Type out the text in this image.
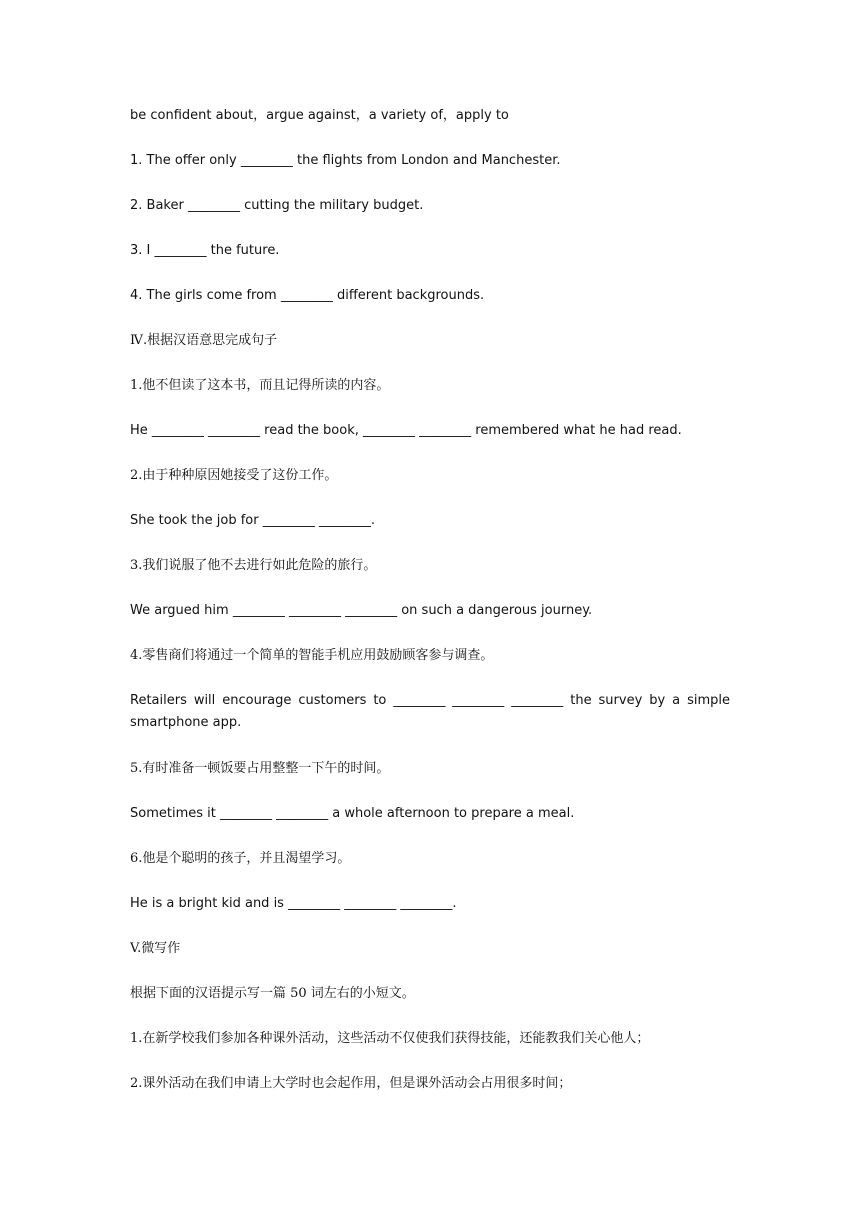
be confident about，argue against，a variety of，apply to
1. The offer only ________ the flights from London and Manchester.
2. Baker ________ cutting the military budget.
3. I ________ the future.
4. The girls come from ________ different backgrounds.
Ⅳ.根据汉语意思完成句子
1.他不但读了这本书，而且记得所读的内容。
He ________ ________ read the book, ________ ________ remembered what he had read.
2.由于种种原因她接受了这份工作。
She took the job for ________ ________.
3.我们说服了他不去进行如此危险的旅行。
We argued him ________ ________ ________ on such a dangerous journey.
4.零售商们将通过一个简单的智能手机应用鼓励顾客参与调查。
Retailers will encourage customers to ________ ________ ________ the survey by a simple smartphone app.
5.有时准备一顿饭要占用整整一下午的时间。
Sometimes it ________ ________ a whole afternoon to prepare a meal.
6.他是个聪明的孩子，并且渴望学习。
He is a bright kid and is ________ ________ ________.
V.微写作
根据下面的汉语提示写一篇 50 词左右的小短文。
1.在新学校我们参加各种课外活动，这些活动不仅使我们获得技能，还能教我们关心他人；
2.课外活动在我们申请上大学时也会起作用，但是课外活动会占用很多时间；
